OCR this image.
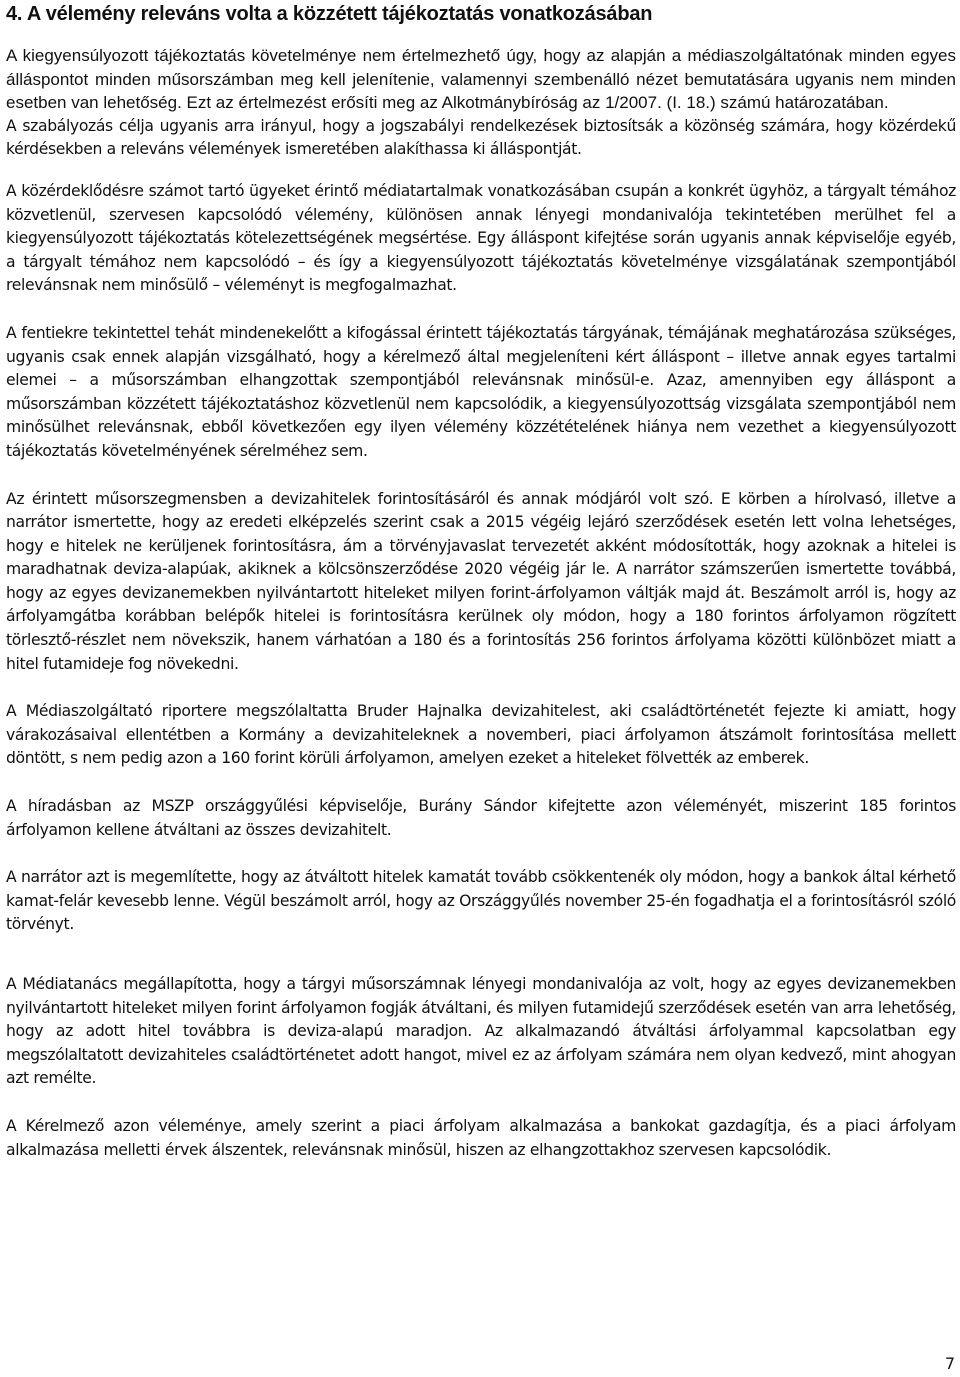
4. A vélemény releváns volta a közzétett tájékoztatás vonatkozásában

A kiegyensúlyozott tájékoztatás követelménye nem értelmezhető úgy, hogy az alapján a médiaszolgáltatónak minden egyes álláspontot minden műsorszámban meg kell jelenítenie, valamennyi szembenálló nézet bemutatására ugyanis nem minden esetben van lehetőség. Ezt az értelmezést erősíti meg az Alkotmánybíróság az 1/2007. (I. 18.) számú határozatában.

A szabályozás célja ugyanis arra irányul, hogy a jogszabályi rendelkezések biztosítsák a közönség számára, hogy közérdekű kérdésekben a releváns vélemények ismeretében alakíthassa ki álláspontját.

A közérdeklődésre számot tartó ügyeket érintő médiatartalmak vonatkozásában csupán a konkrét ügyhöz, a tárgyalt témához közvetlenül, szervesen kapcsolódó vélemény, különösen annak lényegi mondanivalója tekintetében merülhet fel a kiegyensúlyozott tájékoztatás kötelezettségének megsértése. Egy álláspont kifejtése során ugyanis annak képviselője egyéb, a tárgyalt témához nem kapcsolódó – és így a kiegyensúlyozott tájékoztatás követelménye vizsgálatának szempontjából relevánsnak nem minősülő – véleményt is megfogalmazhat.

A fentiekre tekintettel tehát mindenekelőtt a kifogással érintett tájékoztatás tárgyának, témájának meghatározása szükséges, ugyanis csak ennek alapján vizsgálható, hogy a kérelmező által megjeleníteni kért álláspont – illetve annak egyes tartalmi elemei – a műsorszámban elhangzottak szempontjából relevánsnak minősül-e. Azaz, amennyiben egy álláspont a műsorszámban közzétett tájékoztatáshoz közvetlenül nem kapcsolódik, a kiegyensúlyozottság vizsgálata szempontjából nem minősülhet relevánsnak, ebből következően egy ilyen vélemény közzétételének hiánya nem vezethet a kiegyensúlyozott tájékoztatás követelményének sérelméhez sem.

Az érintett műsorszegmensben a devizahitelek forintosításáról és annak módjáról volt szó. E körben a hírolvasó, illetve a narrátor ismertette, hogy az eredeti elképzelés szerint csak a 2015 végéig lejáró szerződések esetén lett volna lehetséges, hogy e hitelek ne kerüljenek forintosításra, ám a törvényjavaslat tervezetét akként módosították, hogy azoknak a hitelei is maradhatnak deviza-alapúak, akiknek a kölcsönszerződése 2020 végéig jár le. A narrátor számszerűen ismertette továbbá, hogy az egyes devizanemekben nyilvántartott hiteleket milyen forint-árfolyamon váltják majd át. Beszámolt arról is, hogy az árfolyamgátba korábban belépők hitelei is forintosításra kerülnek oly módon, hogy a 180 forintos árfolyamon rögzített törlesztő-részlet nem növekszik, hanem várhatóan a 180 és a forintosítás 256 forintos árfolyama közötti különbözet miatt a hitel futamideje fog növekedni.

A Médiaszolgáltató riportere megszólaltatta Bruder Hajnalka devizahitelest, aki családtörténetét fejezte ki amiatt, hogy várakozásaival ellentétben a Kormány a devizahiteleknek a novemberi, piaci árfolyamon átszámolt forintosítása mellett döntött, s nem pedig azon a 160 forint körüli árfolyamon, amelyen ezeket a hiteleket fölvették az emberek.

A híradásban az MSZP országgyűlési képviselője, Burány Sándor kifejtette azon véleményét, miszerint 185 forintos árfolyamon kellene átváltani az összes devizahitelt.

A narrátor azt is megemlítette, hogy az átváltott hitelek kamatát tovább csökkentenék oly módon, hogy a bankok által kérhető kamat-felár kevesebb lenne. Végül beszámolt arról, hogy az Országgyűlés november 25-én fogadhatja el a forintosításról szóló törvényt.

A Médiatanács megállapította, hogy a tárgyi műsorszámnak lényegi mondanivalója az volt, hogy az egyes devizanemekben nyilvántartott hiteleket milyen forint árfolyamon fogják átváltani, és milyen futamidejű szerződések esetén van arra lehetőség, hogy az adott hitel továbbra is deviza-alapú maradjon. Az alkalmazandó átváltási árfolyammal kapcsolatban egy megszólaltatott devizahiteles családtörténetet adott hangot, mivel ez az árfolyam számára nem olyan kedvező, mint ahogyan azt remélte.

A Kérelmező azon véleménye, amely szerint a piaci árfolyam alkalmazása a bankokat gazdagítja, és a piaci árfolyam alkalmazása melletti érvek álszentek, relevánsnak minősül, hiszen az elhangzottakhoz szervesen kapcsolódik.

7
